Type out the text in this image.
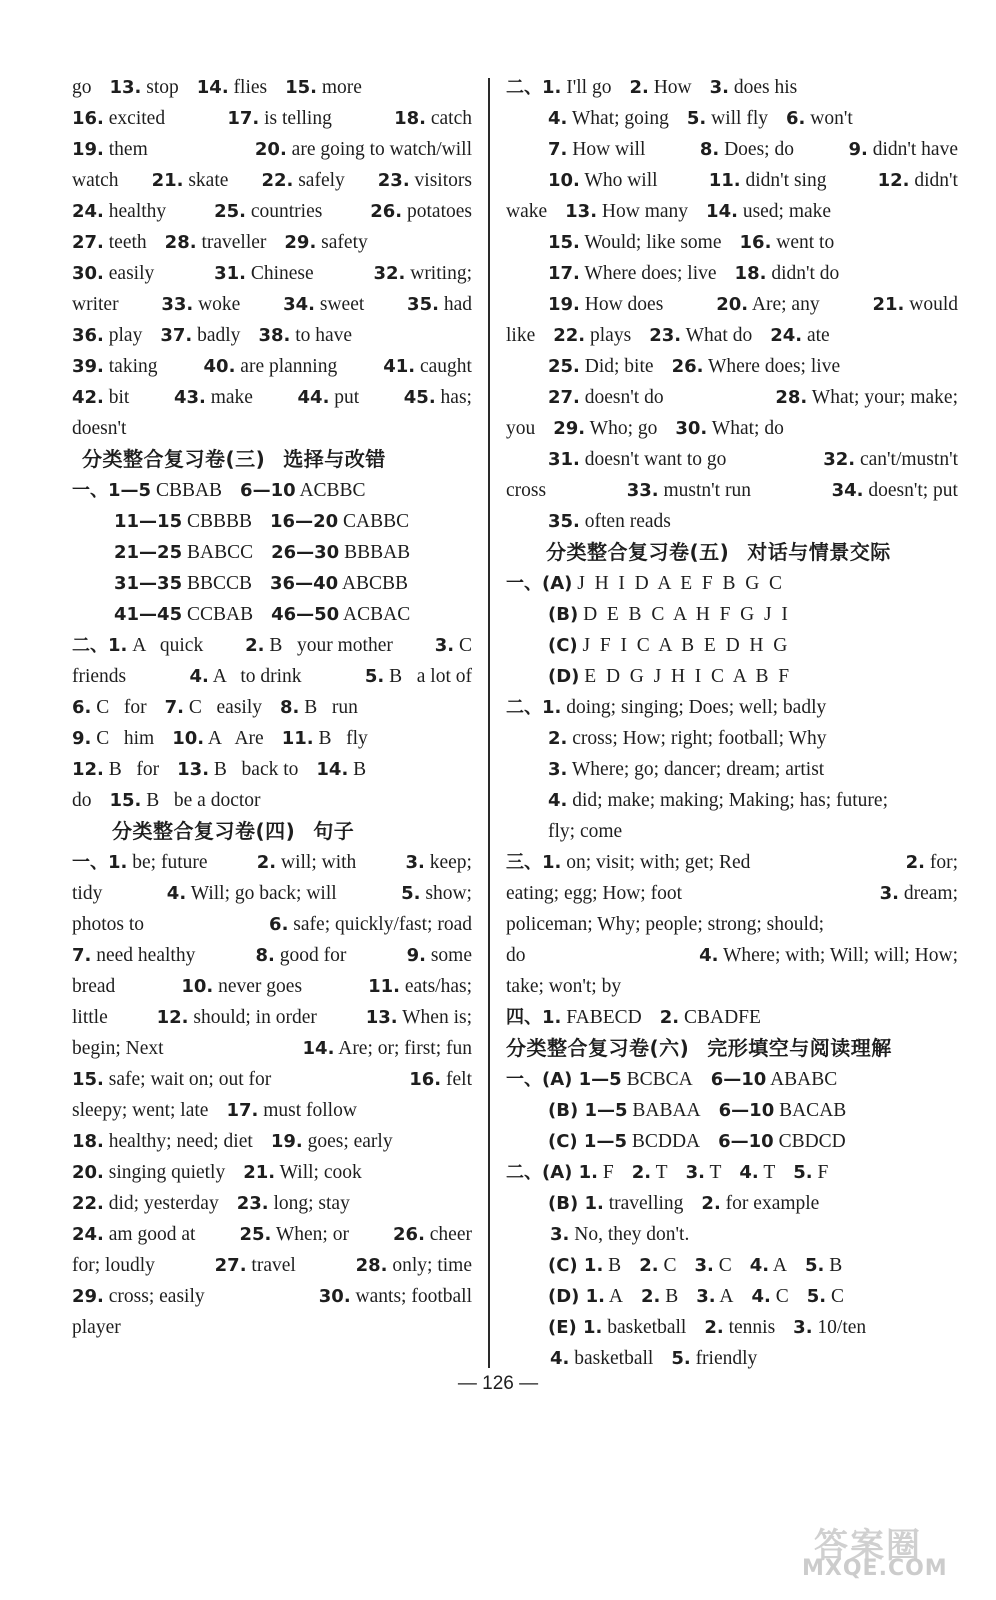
go 13. stop 14. flies 15. more
16. excited	17. is telling	18. catch
19. them	20. are going to watch/will
watch 21. skate 22. safely 23. visitors
24. healthy	25. countries	26. potatoes
27. teeth 28. traveller 29. safety
30. easily	31. Chinese	32. writing;
writer 33. woke 34. sweet 35. had
36. play 37. badly 38. to have
39. taking	40. are planning	41. caught
42. bit 43. make 44. put 45. has;
doesn't
分类整合复习卷(三) 选择与改错
一、1—5 CBBAB 6—10 ACBBC
11—15 CBBBB 16—20 CABBC
21—25 BABCC 26—30 BBBAB
31—35 BBCCB 36—40 ABCBB
41—45 CCBAB 46—50 ACBAC
二、1. A   quick 2. B   your mother 3. C
friends	4. A   to drink	5. B   a lot of
6. C   for 7. C   easily 8. B   run
9. C   him 10. A   Are 11. B   fly
12. B   for 13. B   back to 14. B
do 15. B   be a doctor
分类整合复习卷(四) 句子
一、1. be; future	2. will; with	3. keep;
tidy	4. Will; go back; will	5. show;
photos to	6. safe; quickly/fast; road
7. need healthy	8. good for	9. some
bread	10. never goes	11. eats/has;
little	12. should; in order	13. When is;
begin; Next	14. Are; or; first; fun
15. safe; wait on; out for	16. felt
sleepy; went; late 17. must follow
18. healthy; need; diet 19. goes; early
20. singing quietly 21. Will; cook
22. did; yesterday 23. long; stay
24. am good at 25. When; or 26. cheer
for; loudly	27. travel	28. only; time
29. cross; easily	30. wants; football
player
二、1. I'll go 2. How 3. does his
4. What; going 5. will fly 6. won't
7. How will	8. Does; do	9. didn't have
10. Who will	11. didn't sing	12. didn't
wake 13. How many 14. used; make
15. Would; like some 16. went to
17. Where does; live 18. didn't do
19. How does	20. Are; any	21. would
like 22. plays 23. What do 24. ate
25. Did; bite 26. Where does; live
27. doesn't do	28. What; your; make;
you 29. Who; go 30. What; do
31. doesn't want to go	32. can't/mustn't
cross	33. mustn't run	34. doesn't; put
35. often reads
分类整合复习卷(五) 对话与情景交际
一、(A) J  H  I  D  A  E  F  B  G  C
(B) D  E  B  C  A  H  F  G  J  I
(C) J  F  I  C  A  B  E  D  H  G
(D) E  D  G  J  H  I  C  A  B  F
二、1. doing; singing; Does; well; badly
2. cross; How; right; football; Why
3. Where; go; dancer; dream; artist
4. did; make; making; Making; has; future;
fly; come
三、1. on; visit; with; get; Red	2. for;
eating; egg; How; foot	3. dream;
policeman; Why; people; strong; should;
do	4. Where; with; Will; will; How;
take; won't; by
四、1. FABECD 2. CBADFE
分类整合复习卷(六) 完形填空与阅读理解
一、(A) 1—5 BCBCA 6—10 ABABC
(B) 1—5 BABAA 6—10 BACAB
(C) 1—5 BCDDA 6—10 CBDCD
二、(A) 1. F 2. T 3. T 4. T 5. F
(B) 1. travelling 2. for example
3. No, they don't.
(C) 1. B 2. C 3. C 4. A 5. B
(D) 1. A 2. B 3. A 4. C 5. C
(E) 1. basketball 2. tennis 3. 10/ten
4. basketball 5. friendly
— 126 —
答案圈
MXQE.COM
